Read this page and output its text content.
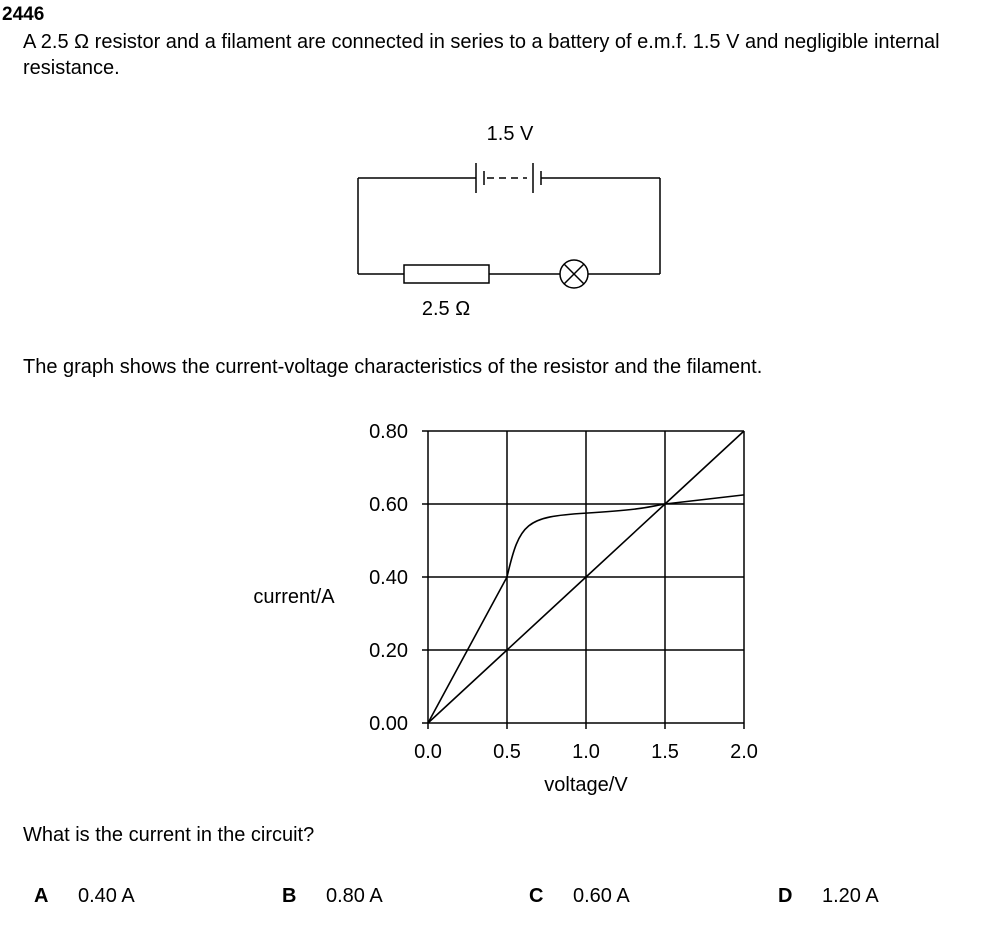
2446
A 2.5 Ω resistor and a filament are connected in series to a battery of e.m.f. 1.5 V and negligible internal resistance.
1.5 V
2.5 Ω
The graph shows the current-voltage characteristics of the resistor and the filament.
0.0	0.5	1.0	1.5	2.0
0.00
0.20
0.40
0.60
0.80
voltage/V
current/A
What is the current in the circuit?
A 0.40 A	B 0.80 A	C 0.60 A	D 1.20 A
